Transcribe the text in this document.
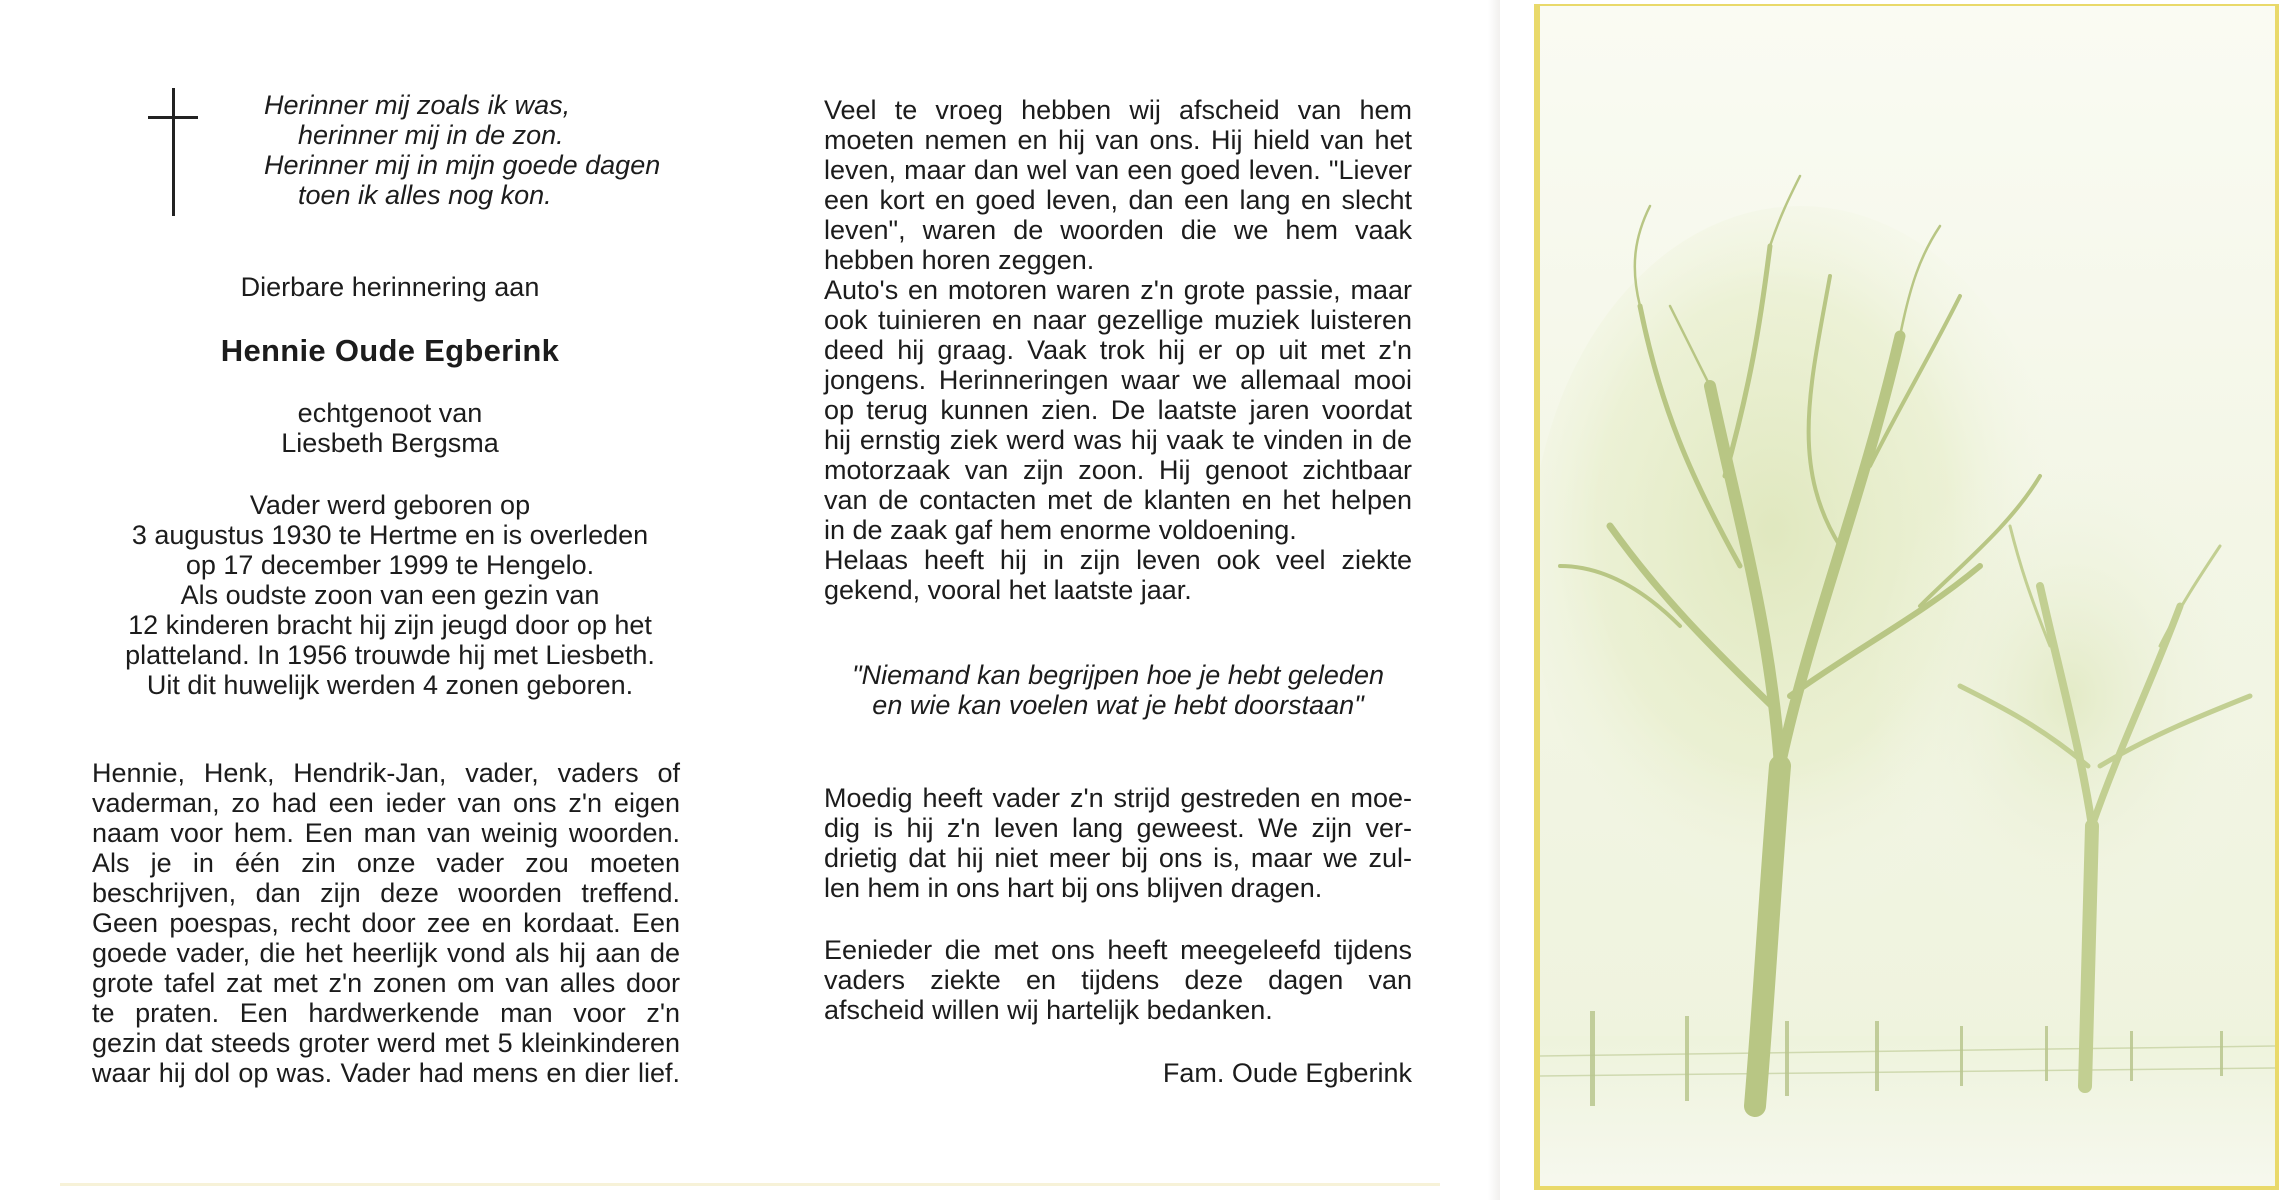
Herinner mij zoals ik was,
herinner mij in de zon.
Herinner mij in mijn goede dagen
toen ik alles nog kon.
Dierbare herinnering aan
Hennie Oude Egberink
echtgenoot van
Liesbeth Bergsma
Vader werd geboren op
3 augustus 1930 te Hertme en is overleden
op 17 december 1999 te Hengelo.
Als oudste zoon van een gezin van
12 kinderen bracht hij zijn jeugd door op het
platteland. In 1956 trouwde hij met Liesbeth.
Uit dit huwelijk werden 4 zonen geboren.
Hennie, Henk, Hendrik-Jan, vader, vaders of
vaderman, zo had een ieder van ons z'n eigen
naam voor hem. Een man van weinig woorden.
Als je in één zin onze vader zou moeten
beschrijven, dan zijn deze woorden treffend.
Geen poespas, recht door zee en kordaat. Een
goede vader, die het heerlijk vond als hij aan de
grote tafel zat met z'n zonen om van alles door
te praten. Een hardwerkende man voor z'n
gezin dat steeds groter werd met 5 kleinkinderen
waar hij dol op was. Vader had mens en dier lief.
Veel te vroeg hebben wij afscheid van hem
moeten nemen en hij van ons. Hij hield van het
leven, maar dan wel van een goed leven. "Liever
een kort en goed leven, dan een lang en slecht
leven", waren de woorden die we hem vaak
hebben horen zeggen.
Auto's en motoren waren z'n grote passie, maar
ook tuinieren en naar gezellige muziek luisteren
deed hij graag. Vaak trok hij er op uit met z'n
jongens. Herinneringen waar we allemaal mooi
op terug kunnen zien. De laatste jaren voordat
hij ernstig ziek werd was hij vaak te vinden in de
motorzaak van zijn zoon. Hij genoot zichtbaar
van de contacten met de klanten en het helpen
in de zaak gaf hem enorme voldoening.
Helaas heeft hij in zijn leven ook veel ziekte
gekend, vooral het laatste jaar.
"Niemand kan begrijpen hoe je hebt geleden
en wie kan voelen wat je hebt doorstaan"
Moedig heeft vader z'n strijd gestreden en moe-
dig is hij z'n leven lang geweest. We zijn ver-
drietig dat hij niet meer bij ons is, maar we zul-
len hem in ons hart bij ons blijven dragen.
Eenieder die met ons heeft meegeleefd tijdens
vaders ziekte en tijdens deze dagen van
afscheid willen wij hartelijk bedanken.
Fam. Oude Egberink
